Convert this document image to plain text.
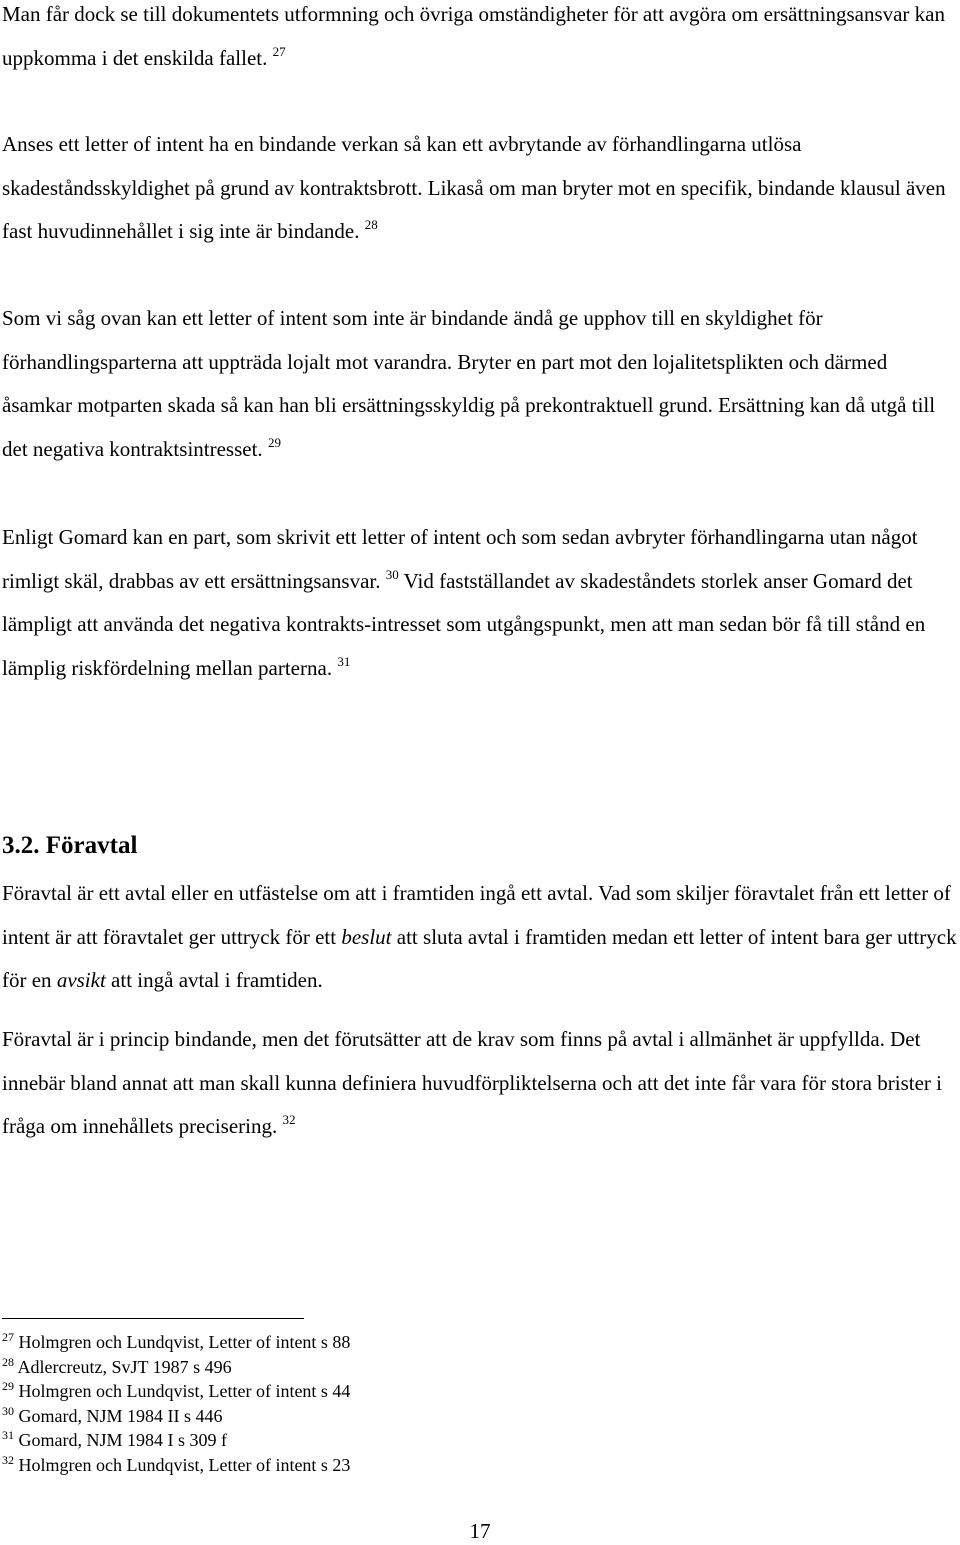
Man får dock se till dokumentets utformning och övriga omständigheter för att avgöra om ersättningsansvar kan uppkomma i det enskilda fallet. $^{27}$
Anses ett letter of intent ha en bindande verkan så kan ett avbrytande av förhandlingarna utlösa skadeståndsskyldighet på grund av kontraktsbrott. Likaså om man bryter mot en specifik, bindande klausul även fast huvudinnehållet i sig inte är bindande. $^{28}$
Som vi såg ovan kan ett letter of intent som inte är bindande ändå ge upphov till en skyldighet för förhandlingsparterna att uppträda lojalt mot varandra. Bryter en part mot den lojalitetsplikten och därmed åsamkar motparten skada så kan han bli ersättningsskyldig på prekontraktuell grund. Ersättning kan då utgå till det negativa kontraktsintresset. $^{29}$
Enligt Gomard kan en part, som skrivit ett letter of intent och som sedan avbryter förhandlingarna utan något rimligt skäl, drabbas av ett ersättningsansvar. $^{30}$ Vid fastställandet av skadeståndets storlek anser Gomard det lämpligt att använda det negativa kontrakts-intresset som utgångspunkt, men att man sedan bör få till stånd en lämplig riskfördelning mellan parterna. $^{31}$
3.2. Föravtal
Föravtal är ett avtal eller en utfästelse om att i framtiden ingå ett avtal. Vad som skiljer föravtalet från ett letter of intent är att föravtalet ger uttryck för ett beslut att sluta avtal i framtiden medan ett letter of intent bara ger uttryck för en avsikt att ingå avtal i framtiden.
Föravtal är i princip bindande, men det förutsätter att de krav som finns på avtal i allmänhet är uppfyllda. Det innebär bland annat att man skall kunna definiera huvudförpliktelserna och att det inte får vara för stora brister i fråga om innehållets precisering. $^{32}$
$^{27}$ Holmgren och Lundqvist, Letter of intent s 88
$^{28}$ Adlercreutz, SvJT 1987 s 496
$^{29}$ Holmgren och Lundqvist, Letter of intent s 44
$^{30}$ Gomard, NJM 1984 II s 446
$^{31}$ Gomard, NJM 1984 I s 309 f
$^{32}$ Holmgren och Lundqvist, Letter of intent s 23
17
